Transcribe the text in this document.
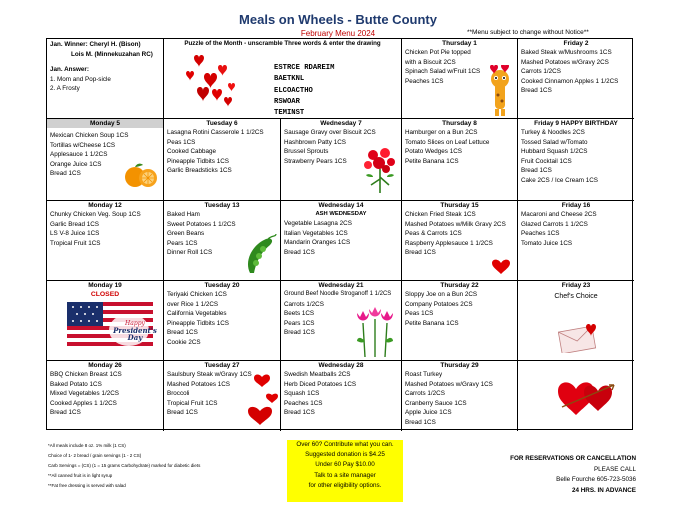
Meals on Wheels - Butte County
February Menu 2024	**Menu subject to change without Notice**
Jan. Winner: Cheryl H. (Bison)
Lois M. (Minnekuzahan RC)
Jan. Answer:
1. Mom and Pop-sicle
2. A Frosty
Puzzle of the Month - unscramble Three words & enter the drawing
ESTRCE RDAREIM
BAETKNL
ELCOACTHO
RSWOAR
TEMINST
Thursday 1
Chicken Pot Pie topped
with a Biscuit 2CS
Spinach Salad w/Fruit 1CS
Peaches 1CS
Friday 2
Baked Steak w/Mushrooms 1CS
Mashed Potatoes w/Gravy 2CS
Carrots 1/2CS
Cooked Cinnamon Apples 1 1/2CS
Bread 1CS
Monday 5
Mexican Chicken Soup 1CS
Tortillas w/Cheese 1CS
Applesauce 1 1/2CS
Orange Juice 1CS
Bread 1CS
Tuesday 6
Lasagna Rotini Casserole 1 1/2CS
Peas 1CS
Cooked Cabbage
Pineapple Tidbits 1CS
Garlic Breadsticks 1CS
Wednesday 7
Sausage Gravy over Biscuit 2CS
Hashbrown Patty 1CS
Brussel Sprouts
Strawberry Pears 1CS
Thursday 8
Hamburger on a Bun 2CS
Tomato Slices on Leaf Lettuce
Potato Wedges 1CS
Petite Banana 1CS
Friday 9 HAPPY BIRTHDAY
Turkey & Noodles 2CS
Tossed Salad w/Tomato
Hubbard Squash 1/2CS
Fruit Cocktail 1CS
Bread 1CS
Cake 2CS / Ice Cream 1CS
Monday 12
Chunky Chicken Veg. Soup 1CS
Garlic Bread 1CS
LS V-8 Juice 1CS
Tropical Fruit 1CS
Tuesday 13
Baked Ham
Sweet Potatoes 1 1/2CS
Green Beans
Pears 1CS
Dinner Roll 1CS
Wednesday 14
ASH WEDNESDAY
Vegetable Lasagna 2CS
Italian Vegetables 1CS
Mandarin Oranges 1CS
Bread 1CS
Thursday 15
Chicken Fried Steak 1CS
Mashed Potatoes w/Milk Gravy 2CS
Peas & Carrots 1CS
Raspberry Applesauce 1 1/2CS
Bread 1CS
Friday 16
Macaroni and Cheese 2CS
Glazed Carrots 1 1/2CS
Peaches 1CS
Tomato Juice 1CS
Monday 19
CLOSED
Happy
President's
Day
Tuesday 20
Teriyaki Chicken 1CS
over Rice 1 1/2CS
California Vegetables
Pineapple Tidbits 1CS
Bread 1CS
Cookie 2CS
Wednesday 21
Ground Beef Noodle Stroganoff 1 1/2CS
Carrots 1/2CS
Beets 1CS
Pears 1CS
Bread 1CS
Thursday 22
Sloppy Joe on a Bun 2CS
Company Potatoes 2CS
Peas 1CS
Petite Banana 1CS
Friday 23
Chef's Choice
Monday 26
BBQ Chicken Breast 1CS
Baked Potato 1CS
Mixed Vegetables 1/2CS
Cooked Apples 1 1/2CS
Bread 1CS
Tuesday 27
Saulsbury Steak w/Gravy 1CS
Mashed Potatoes 1CS
Broccoli
Tropical Fruit 1CS
Bread 1CS
Wednesday 28
Swedish Meatballs 2CS
Herb Diced Potatoes 1CS
Squash 1CS
Peaches 1CS
Bread 1CS
Thursday 29
Roast Turkey
Mashed Potatoes w/Gravy 1CS
Carrots 1/2CS
Cranberry Sauce 1CS
Apple Juice 1CS
Bread 1CS
*All meals include 8 oz. 1% milk (1 CS)
Choice of 1- 2 bread / grain servings (1 - 2 CS)
Carb Servings = (CS) (1 = 15 grams Carbohydrate) marked for diabetic diets
**All canned fruit is in light syrup
**Fat free dressing is served with salad
Over 60? Contribute what you can.
Suggested donation is $4.25
Under 60 Pay $10.00
Talk to a site manager
for other eligibility options.
FOR RESERVATIONS OR CANCELLATION
PLEASE CALL
Belle Fourche 605-723-5036
24 HRS. IN ADVANCE
